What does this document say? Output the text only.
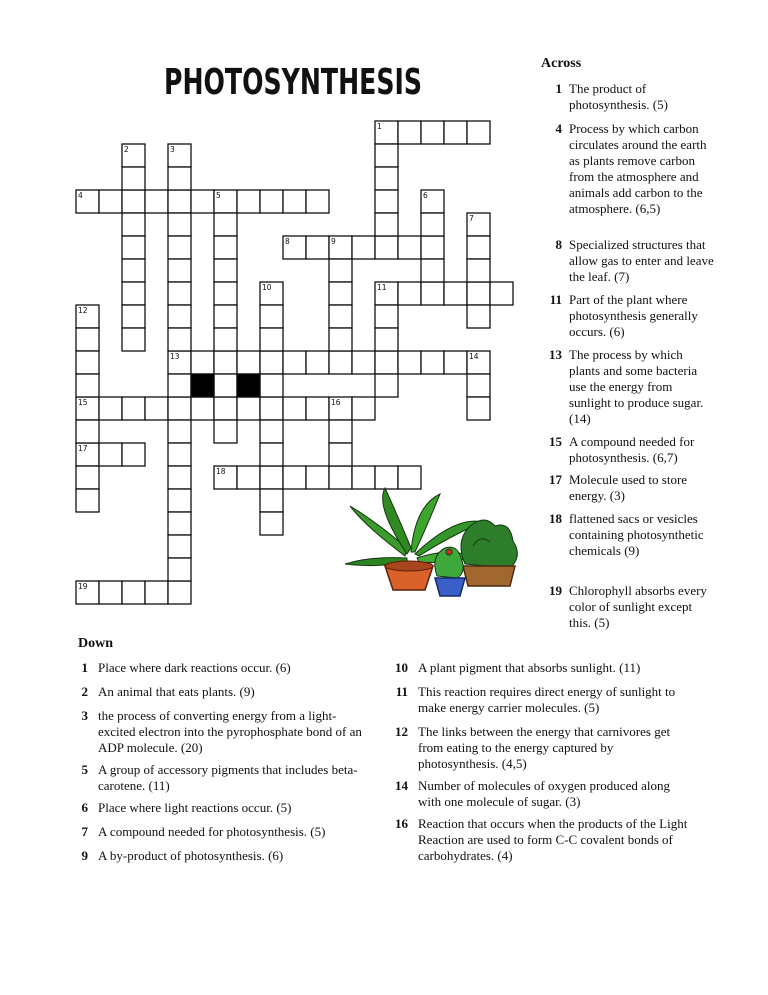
PHOTOSYNTHESIS
1
2	3
4	5	6
7
8	9
10	11
12
13	14
15	16
17
18
19
Across
1 The product of photosynthesis. (5)
4 Process by which carbon circulates around the earth as plants remove carbon from the atmosphere and animals add carbon to the atmosphere. (6,5)
8 Specialized structures that allow gas to enter and leave the leaf. (7)
11 Part of the plant where photosynthesis generally occurs. (6)
13 The process by which plants and some bacteria use the energy from sunlight to produce sugar. (14)
15 A compound needed for photosynthesis. (6,7)
17 Molecule used to store energy. (3)
18 flattened sacs or vesicles containing photosynthetic chemicals (9)
19 Chlorophyll absorbs every color of sunlight except this. (5)
Down
1 Place where dark reactions occur. (6)
2 An animal that eats plants. (9)
3 the process of converting energy from a light-excited electron into the pyrophosphate bond of an ADP molecule. (20)
5 A group of accessory pigments that includes beta-carotene. (11)
6 Place where light reactions occur. (5)
7 A compound needed for photosynthesis. (5)
9 A by-product of photosynthesis. (6)
10 A plant pigment that absorbs sunlight. (11)
11 This reaction requires direct energy of sunlight to make energy carrier molecules. (5)
12 The links between the energy that carnivores get from eating to the energy captured by photosynthesis. (4,5)
14 Number of molecules of oxygen produced along with one molecule of sugar. (3)
16 Reaction that occurs when the products of the Light Reaction are used to form C-C covalent bonds of carbohydrates. (4)
